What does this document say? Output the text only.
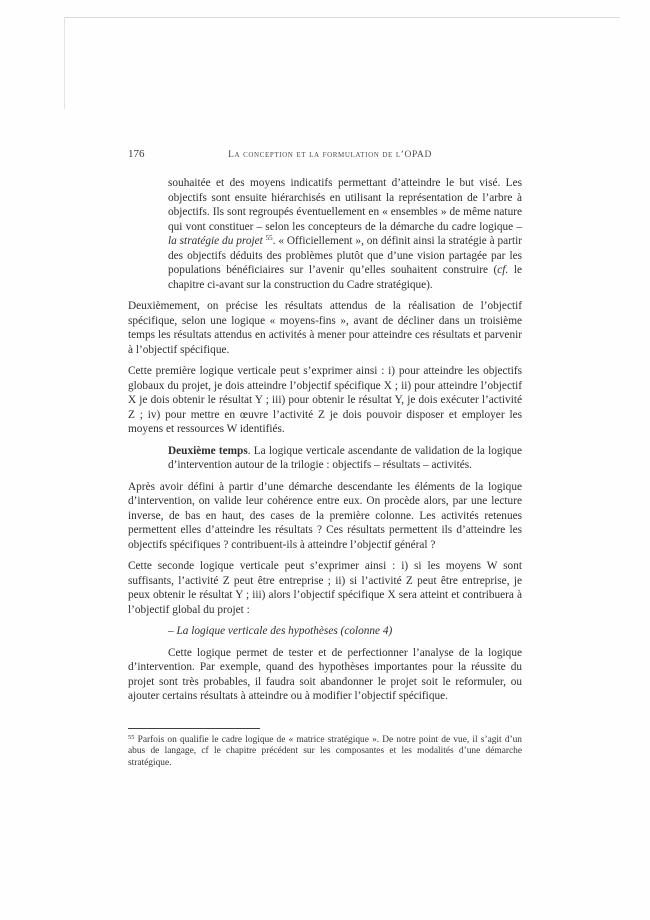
176	La conception et la formulation de l’OPAD

souhaitée et des moyens indicatifs permettant d’atteindre le but visé. Les objectifs sont ensuite hiérarchisés en utilisant la représentation de l’arbre à objectifs. Ils sont regroupés éventuellement en « ensembles » de même nature qui vont constituer – selon les concepteurs de la démarche du cadre logique – la stratégie du projet $^{55}$. « Officiellement », on définit ainsi la stratégie à partir des objectifs déduits des problèmes plutôt que d’une vision partagée par les populations bénéficiaires sur l’avenir qu’elles souhaitent construire (cf. le chapitre ci-avant sur la construction du Cadre stratégique).

Deuxièmement, on précise les résultats attendus de la réalisation de l’objectif spécifique, selon une logique « moyens-fins », avant de décliner dans un troisième temps les résultats attendus en activités à mener pour atteindre ces résultats et parvenir à l’objectif spécifique.

Cette première logique verticale peut s’exprimer ainsi : i) pour atteindre les objectifs globaux du projet, je dois atteindre l’objectif spécifique X ; ii) pour atteindre l’objectif X je dois obtenir le résultat Y ; iii) pour obtenir le résultat Y, je dois exécuter l’activité Z ; iv) pour mettre en œuvre l’activité Z je dois pouvoir disposer et employer les moyens et ressources W identifiés.

Deuxième temps. La logique verticale ascendante de validation de la logique d’intervention autour de la trilogie : objectifs – résultats – activités.

Après avoir défini à partir d’une démarche descendante les éléments de la logique d’intervention, on valide leur cohérence entre eux. On procède alors, par une lecture inverse, de bas en haut, des cases de la première colonne. Les activités retenues permettent elles d’atteindre les résultats ? Ces résultats permettent ils d’atteindre les objectifs spécifiques ? contribuent-ils à atteindre l’objectif général ?

Cette seconde logique verticale peut s’exprimer ainsi : i) si les moyens W sont suffisants, l’activité Z peut être entreprise ; ii) si l’activité Z peut être entreprise, je peux obtenir le résultat Y ; iii) alors l’objectif spécifique X sera atteint et contribuera à l’objectif global du projet :

– La logique verticale des hypothèses (colonne 4)

Cette logique permet de tester et de perfectionner l’analyse de la logique d’intervention. Par exemple, quand des hypothèses importantes pour la réussite du projet sont très probables, il faudra soit abandonner le projet soit le reformuler, ou ajouter certains résultats à atteindre ou à modifier l’objectif spécifique.

$^{55}$ Parfois on qualifie le cadre logique de « matrice stratégique ». De notre point de vue, il s’agit d’un abus de langage, cf le chapitre précédent sur les composantes et les modalités d’une démarche stratégique.
